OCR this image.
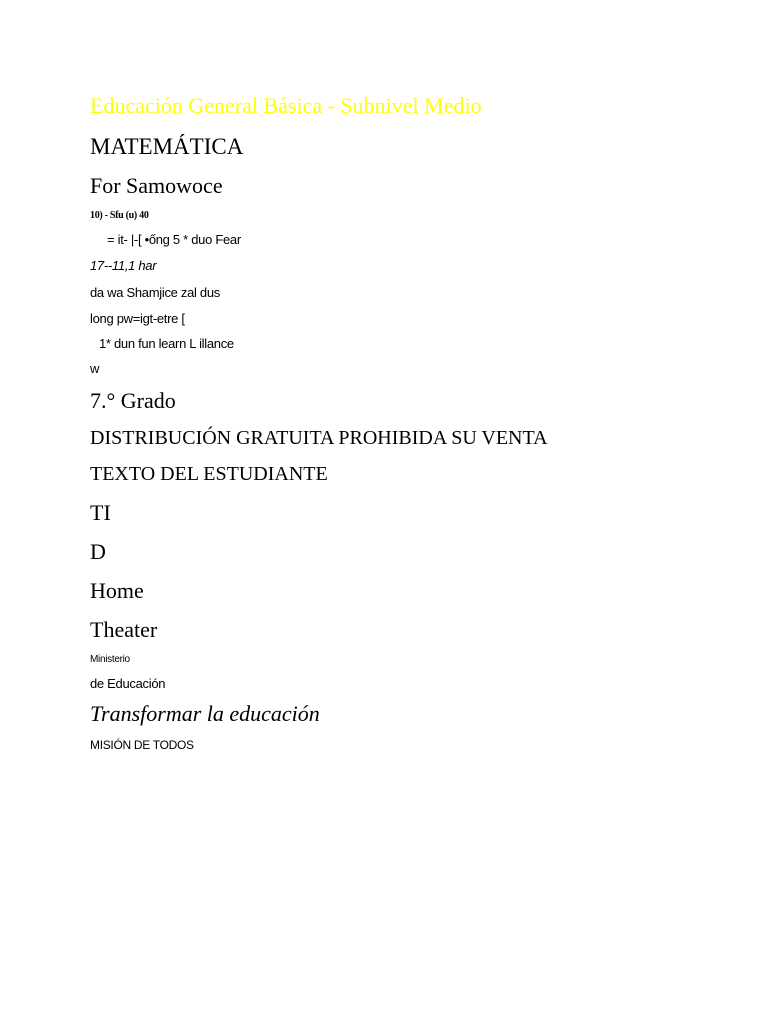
Educación General Básica - Subnivel Medio
MATEMÁTICA
For Samowoce
10) - Sfu (u) 40
= it- |-[ •ống 5 * duo Fear
17--11,1 har
da wa Shamjice zal dus
long pw=igt-etre [
1* dun fun learn L illance
w
7.° Grado
DISTRIBUCIÓN GRATUITA PROHIBIDA SU VENTA
TEXTO DEL ESTUDIANTE
TI
D
Home
Theater
Ministerio
de Educación
Transformar la educación
MISIÓN DE TODOS
